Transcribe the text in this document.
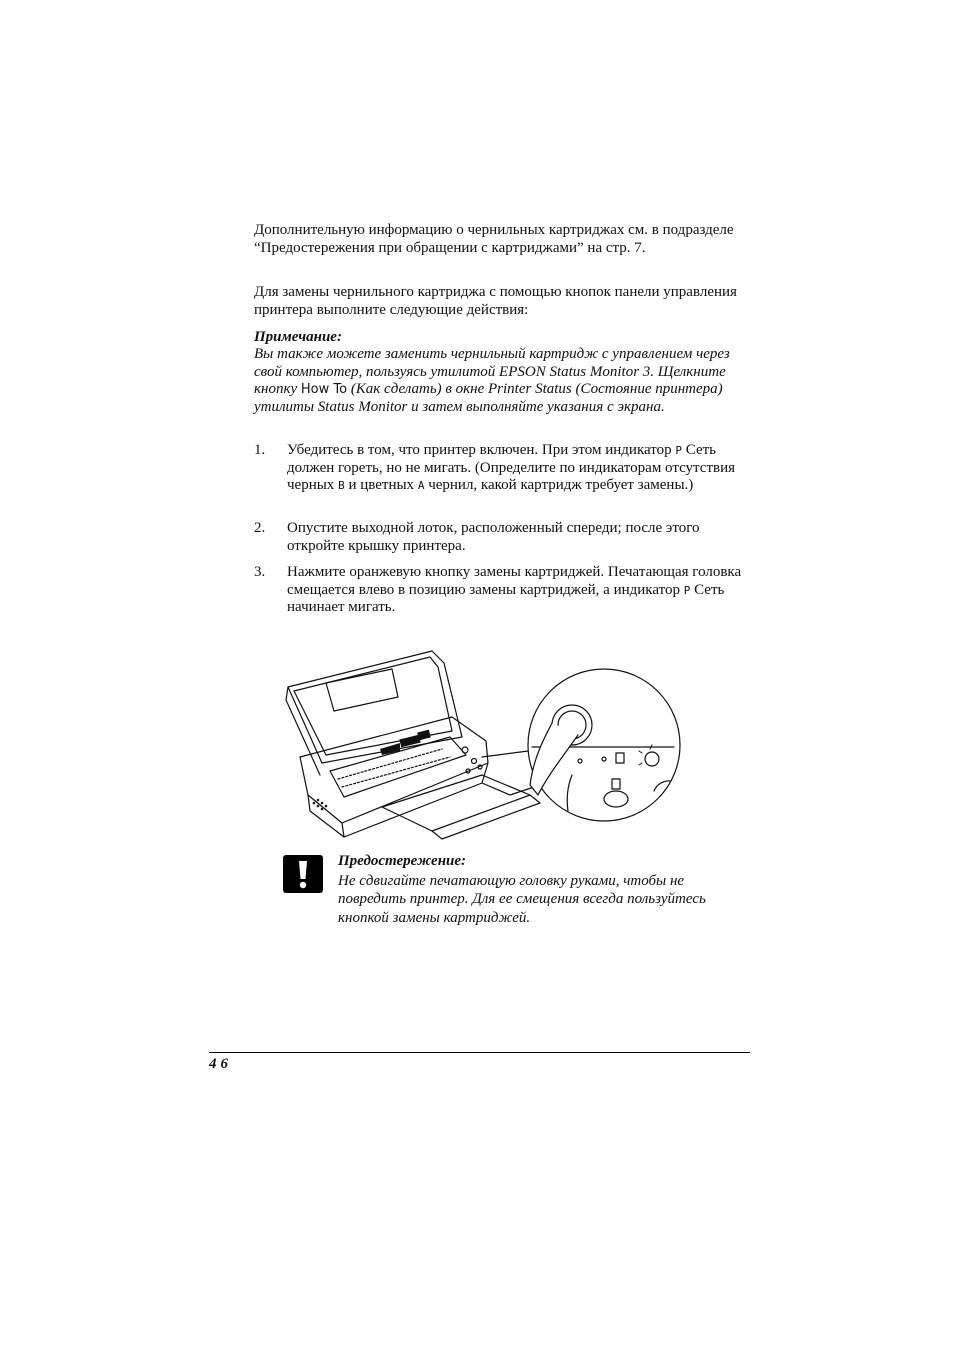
Дополнительную информацию о чернильных картриджах см. в подразделе “Предостережения при обращении с картриджами” на стр. 7.

Для замены чернильного картриджа с помощью кнопок панели управления принтера выполните следующие действия:

Примечание:
Вы также можете заменить чернильный картридж с управлением через свой компьютер, пользуясь утилитой EPSON Status Monitor 3. Щелкните кнопку How To (Как сделать) в окне Printer Status (Состояние принтера) утилиты Status Monitor и затем выполняйте указания с экрана.
1. Убедитесь в том, что принтер включен. При этом индикатор P Сеть должен гореть, но не мигать. (Определите по индикаторам отсутствия черных B и цветных A чернил, какой картридж требует замены.)
2. Опустите выходной лоток, расположенный спереди; после этого откройте крышку принтера.
3. Нажмите оранжевую кнопку замены картриджей. Печатающая головка смещается влево в позицию замены картриджей, а индикатор P Сеть начинает мигать.
Предостережение:
Не сдвигайте печатающую головку руками, чтобы не повредить принтер. Для ее смещения всегда пользуйтесь кнопкой замены картриджей.
46
